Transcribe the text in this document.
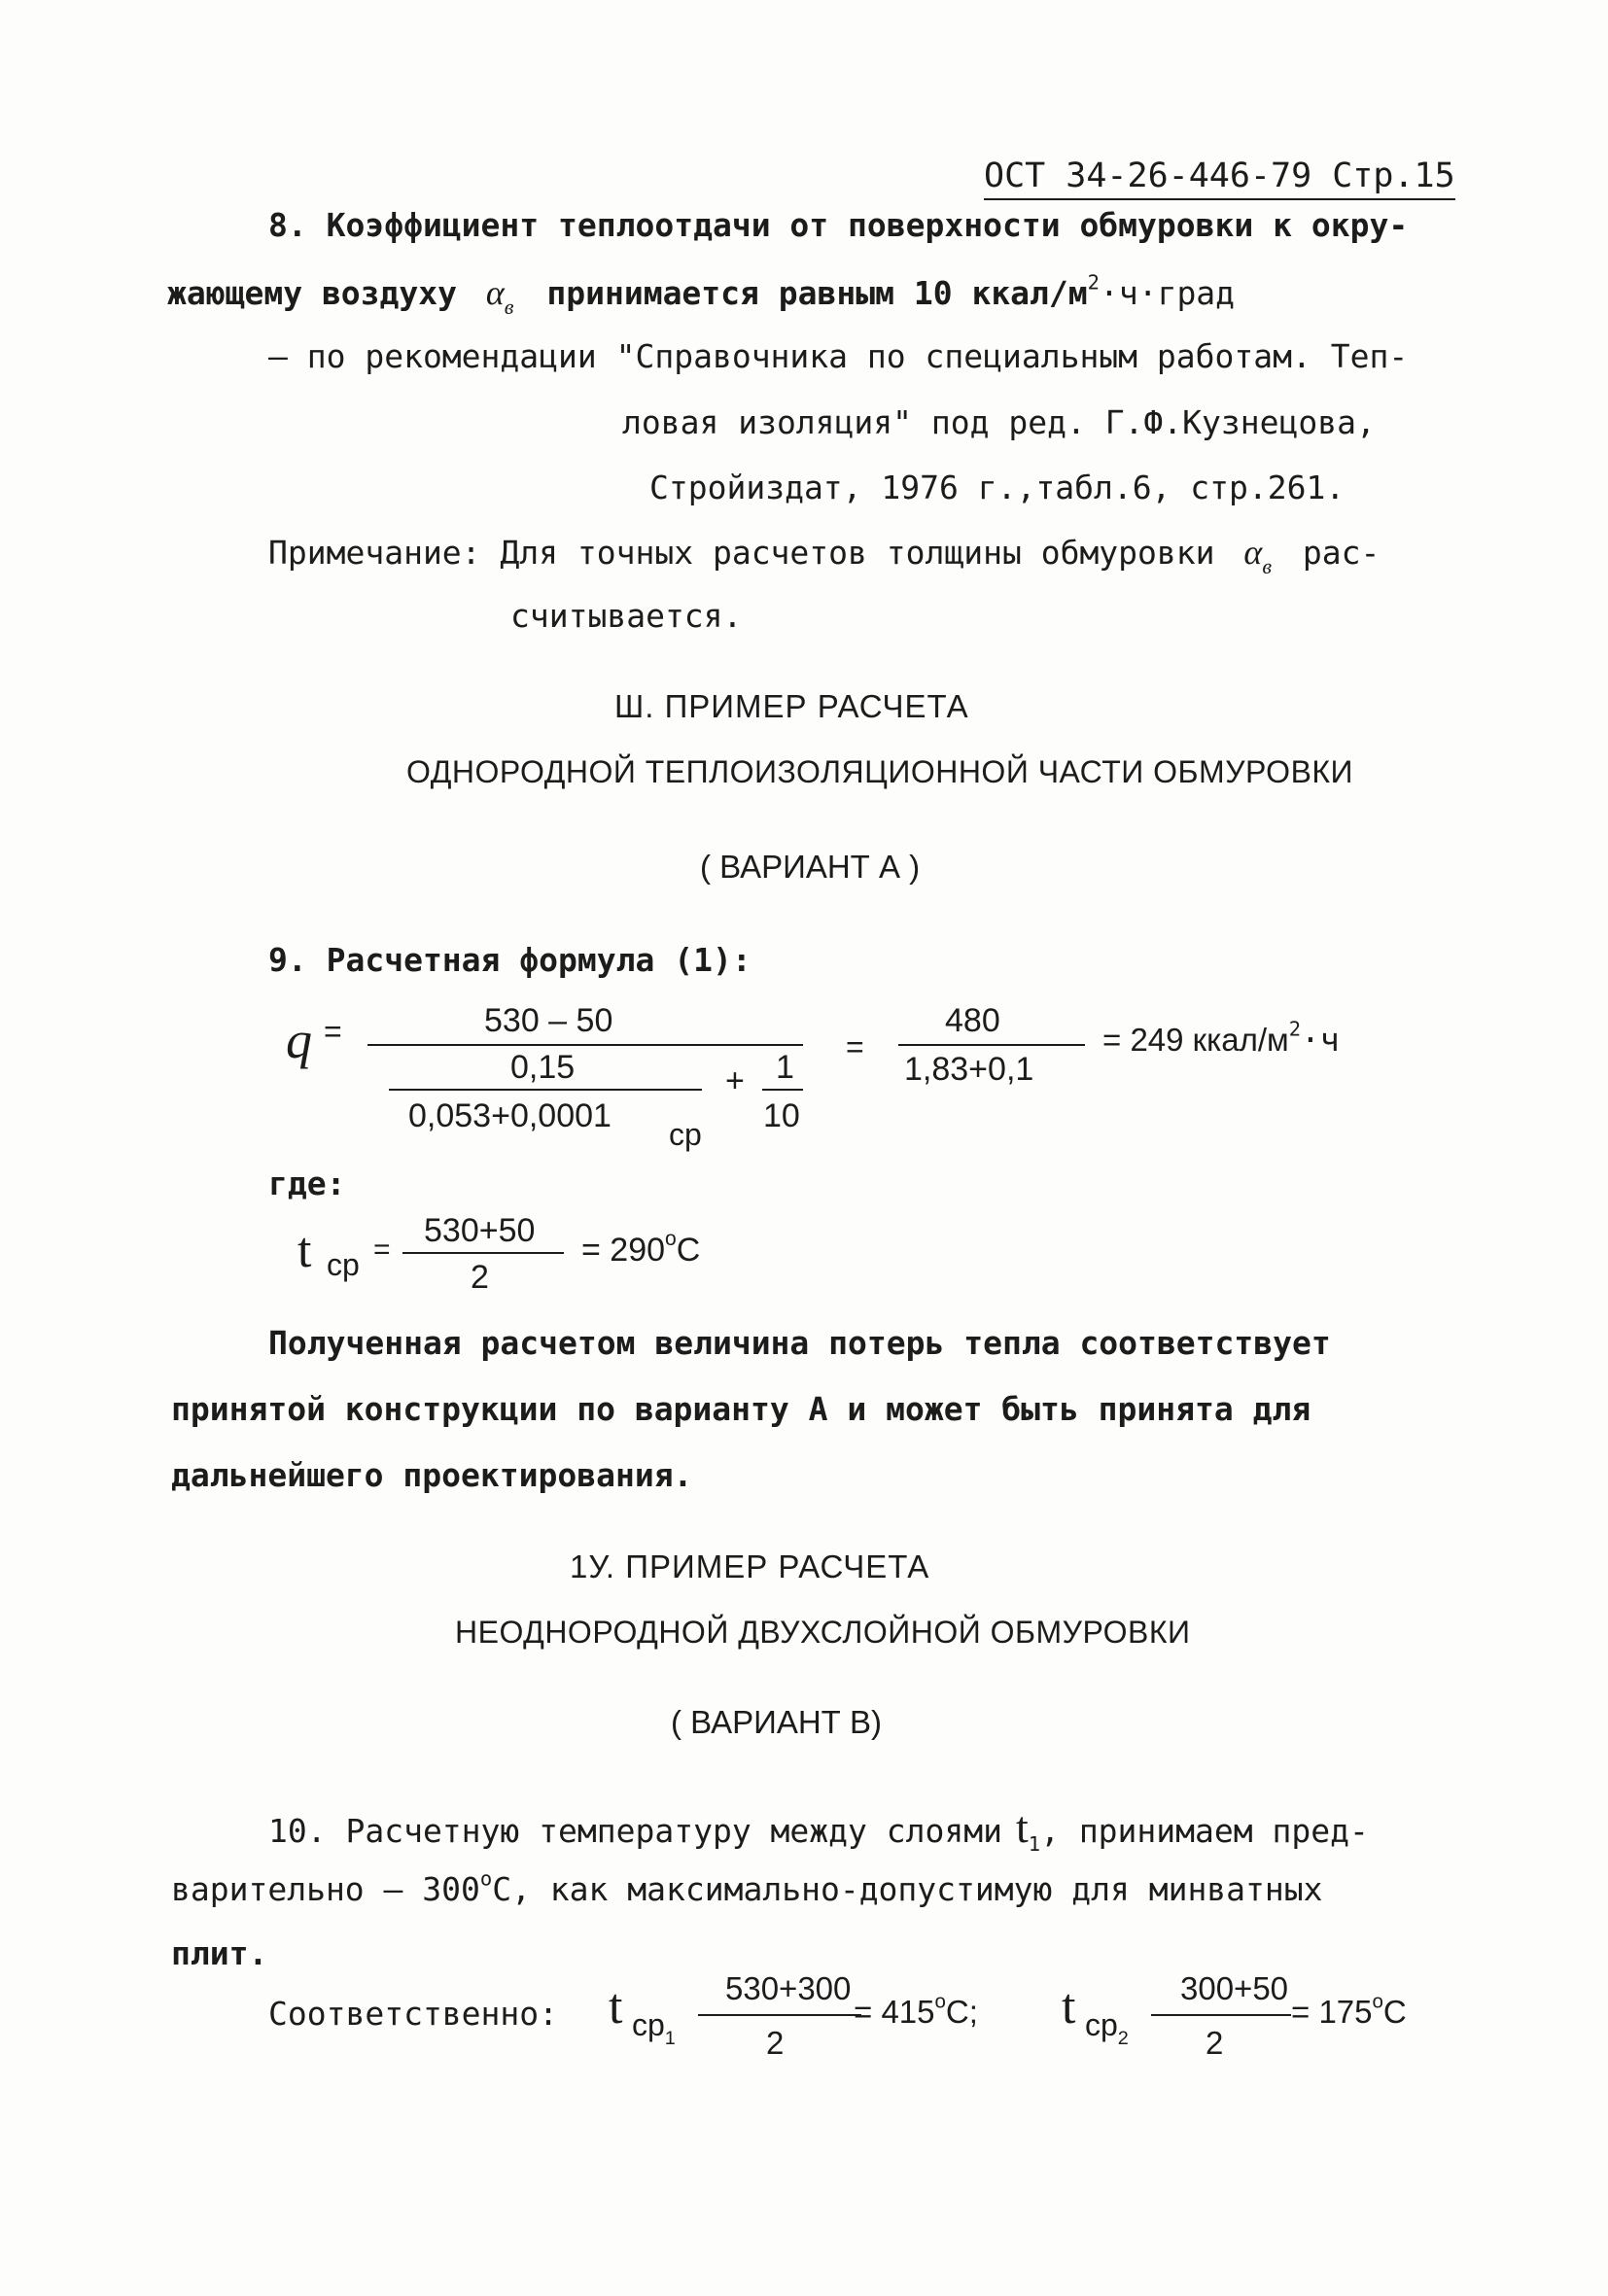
ОСТ 34-26-446-79 Стр.15
8. Коэффициент теплоотдачи от поверхности обмуровки к окру-
жающему воздуху $\alpha_в$ принимается равным 10 ккал/$м^2\cdot ч\cdot град$
– по рекомендации "Справочника по специальным работам. Теп-
ловая изоляция" под ред. Г.Ф.Кузнецова,
Стройиздат, 1976 г.,табл.6, стр.261.
Примечание: Для точных расчетов толщины обмуровки $\alpha_в$ рас-
считывается.
Ш. ПРИМЕР РАСЧЕТА
ОДНОРОДНОЙ ТЕПЛОИЗОЛЯЦИОННОЙ ЧАСТИ ОБМУРОВКИ
( ВАРИАНТ А )
9. Расчетная формула (1):
q =	530 – 50
0,15
0,053+0,0001 ср
+ 1
10
=
480
1,83+0,1
= 249 ккал/$м^2\cdot ч$
где:
t ср =
530+50
2
= $290^оС$
Полученная расчетом величина потерь тепла соответствует
принятой конструкции по варианту А и может быть принята для
дальнейшего проектирования.
1У. ПРИМЕР РАСЧЕТА
НЕОДНОРОДНОЙ ДВУХСЛОЙНОЙ ОБМУРОВКИ
( ВАРИАНТ В)
10. Расчетную температуру между слоями $t_1$, принимаем пред-
варительно – $300^оС$, как максимально-допустимую для минватных
плит.
Соответственно: t $ср_1$
530+300
2
= $415^оС$; t $ср_2$
300+50
2
= $175^оС$
